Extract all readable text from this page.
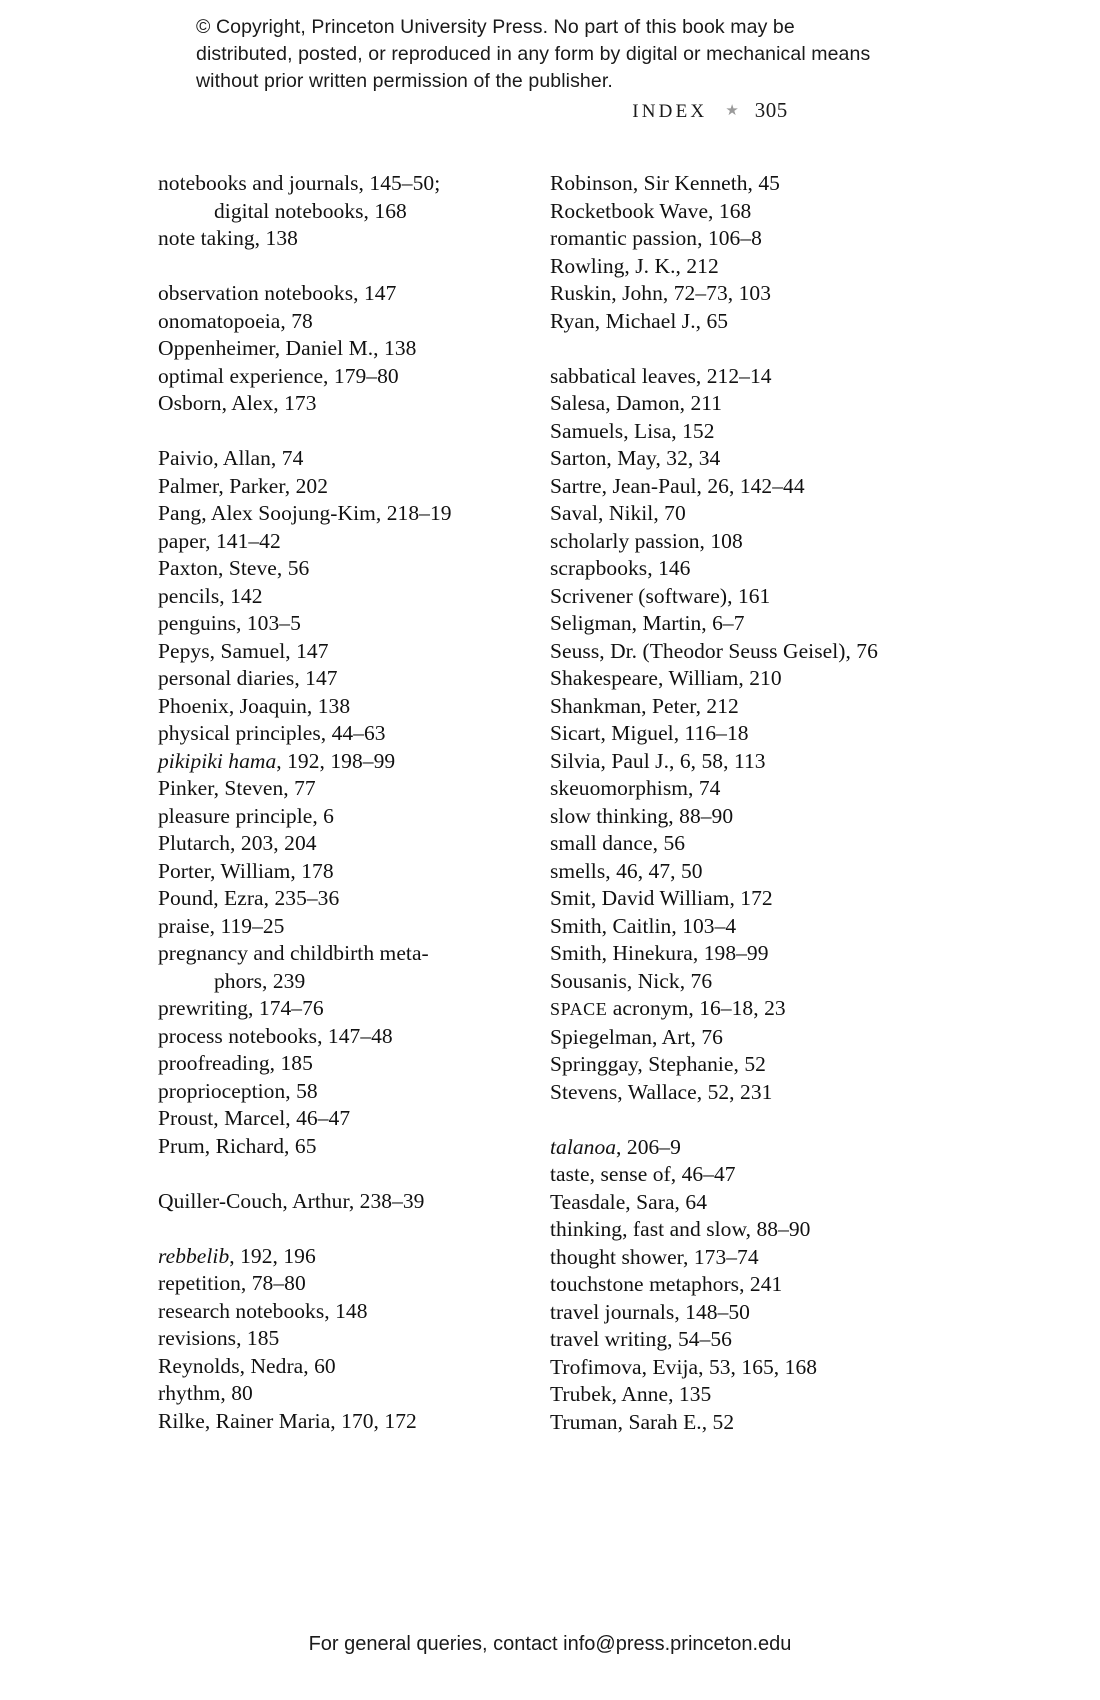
© Copyright, Princeton University Press. No part of this book may be distributed, posted, or reproduced in any form by digital or mechanical means without prior written permission of the publisher.
INDEX ★ 305
notebooks and journals, 145–50;
digital notebooks, 168
note taking, 138
observation notebooks, 147
onomatopoeia, 78
Oppenheimer, Daniel M., 138
optimal experience, 179–80
Osborn, Alex, 173
Paivio, Allan, 74
Palmer, Parker, 202
Pang, Alex Soojung-Kim, 218–19
paper, 141–42
Paxton, Steve, 56
pencils, 142
penguins, 103–5
Pepys, Samuel, 147
personal diaries, 147
Phoenix, Joaquin, 138
physical principles, 44–63
pikipiki hama, 192, 198–99
Pinker, Steven, 77
pleasure principle, 6
Plutarch, 203, 204
Porter, William, 178
Pound, Ezra, 235–36
praise, 119–25
pregnancy and childbirth meta-
phors, 239
prewriting, 174–76
process notebooks, 147–48
proofreading, 185
proprioception, 58
Proust, Marcel, 46–47
Prum, Richard, 65
Quiller-Couch, Arthur, 238–39
rebbelib, 192, 196
repetition, 78–80
research notebooks, 148
revisions, 185
Reynolds, Nedra, 60
rhythm, 80
Rilke, Rainer Maria, 170, 172
Robinson, Sir Kenneth, 45
Rocketbook Wave, 168
romantic passion, 106–8
Rowling, J. K., 212
Ruskin, John, 72–73, 103
Ryan, Michael J., 65
sabbatical leaves, 212–14
Salesa, Damon, 211
Samuels, Lisa, 152
Sarton, May, 32, 34
Sartre, Jean-Paul, 26, 142–44
Saval, Nikil, 70
scholarly passion, 108
scrapbooks, 146
Scrivener (software), 161
Seligman, Martin, 6–7
Seuss, Dr. (Theodor Seuss Geisel), 76
Shakespeare, William, 210
Shankman, Peter, 212
Sicart, Miguel, 116–18
Silvia, Paul J., 6, 58, 113
skeuomorphism, 74
slow thinking, 88–90
small dance, 56
smells, 46, 47, 50
Smit, David William, 172
Smith, Caitlin, 103–4
Smith, Hinekura, 198–99
Sousanis, Nick, 76
SPACE acronym, 16–18, 23
Spiegelman, Art, 76
Springgay, Stephanie, 52
Stevens, Wallace, 52, 231
talanoa, 206–9
taste, sense of, 46–47
Teasdale, Sara, 64
thinking, fast and slow, 88–90
thought shower, 173–74
touchstone metaphors, 241
travel journals, 148–50
travel writing, 54–56
Trofimova, Evija, 53, 165, 168
Trubek, Anne, 135
Truman, Sarah E., 52
For general queries, contact info@press.princeton.edu
